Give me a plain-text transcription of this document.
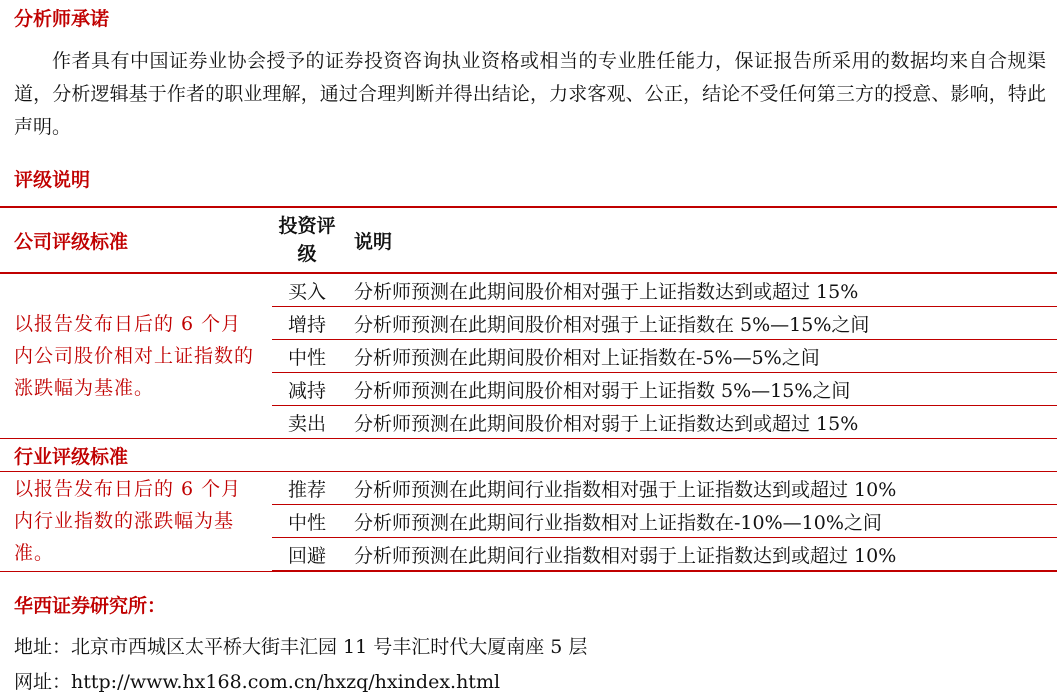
分析师承诺

作者具有中国证券业协会授予的证券投资咨询执业资格或相当的专业胜任能力，保证报告所采用的数据均来自合规渠道，分析逻辑基于作者的职业理解，通过合理判断并得出结论，力求客观、公正，结论不受任何第三方的授意、影响，特此声明。

评级说明
公司评级标准	投资评级	说明
以报告发布日后的 6 个月内公司股价相对上证指数的涨跌幅为基准。	买入	分析师预测在此期间股价相对强于上证指数达到或超过 15%
	增持	分析师预测在此期间股价相对强于上证指数在 5%—15%之间
	中性	分析师预测在此期间股价相对上证指数在-5%—5%之间
	减持	分析师预测在此期间股价相对弱于上证指数 5%—15%之间
	卖出	分析师预测在此期间股价相对弱于上证指数达到或超过 15%
行业评级标准		
以报告发布日后的 6 个月内行业指数的涨跌幅为基准。	推荐	分析师预测在此期间行业指数相对强于上证指数达到或超过 10%
	中性	分析师预测在此期间行业指数相对上证指数在-10%—10%之间
	回避	分析师预测在此期间行业指数相对弱于上证指数达到或超过 10%
华西证券研究所：

地址：北京市西城区太平桥大街丰汇园 11 号丰汇时代大厦南座 5 层

网址：http://www.hx168.com.cn/hxzq/hxindex.html
